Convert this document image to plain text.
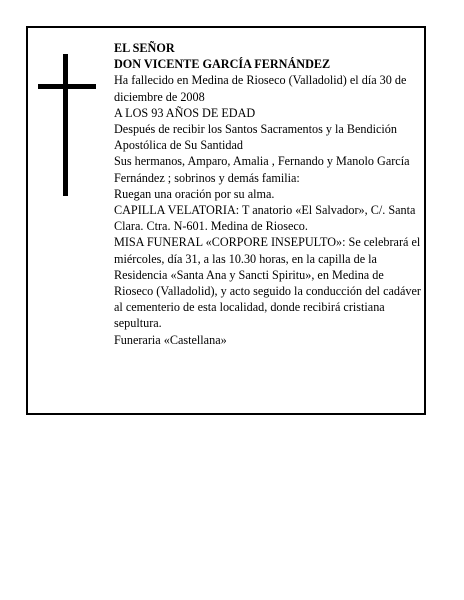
EL SEÑOR

DON VICENTE GARCÍA FERNÁNDEZ

Ha fallecido en Medina de Rioseco (Valladolid) el día 30 de diciembre de 2008

A LOS 93 AÑOS DE EDAD

Después de recibir los Santos Sacramentos y la Bendición Apostólica de Su Santidad

Sus hermanos, Amparo, Amalia , Fernando y Manolo García Fernández ; sobrinos y demás familia:

Ruegan una oración por su alma.

CAPILLA VELATORIA: T anatorio «El Salvador», C/. Santa Clara. Ctra. N-601. Medina de Rioseco.

MISA FUNERAL «CORPORE INSEPULTO»: Se celebrará el miércoles, día 31, a las 10.30 horas, en la capilla de la Residencia «Santa Ana y Sancti Spiritu», en Medina de Rioseco (Valladolid), y acto seguido la conducción del cadáver al cementerio de esta localidad, donde recibirá cristiana sepultura.

Funeraria «Castellana»
